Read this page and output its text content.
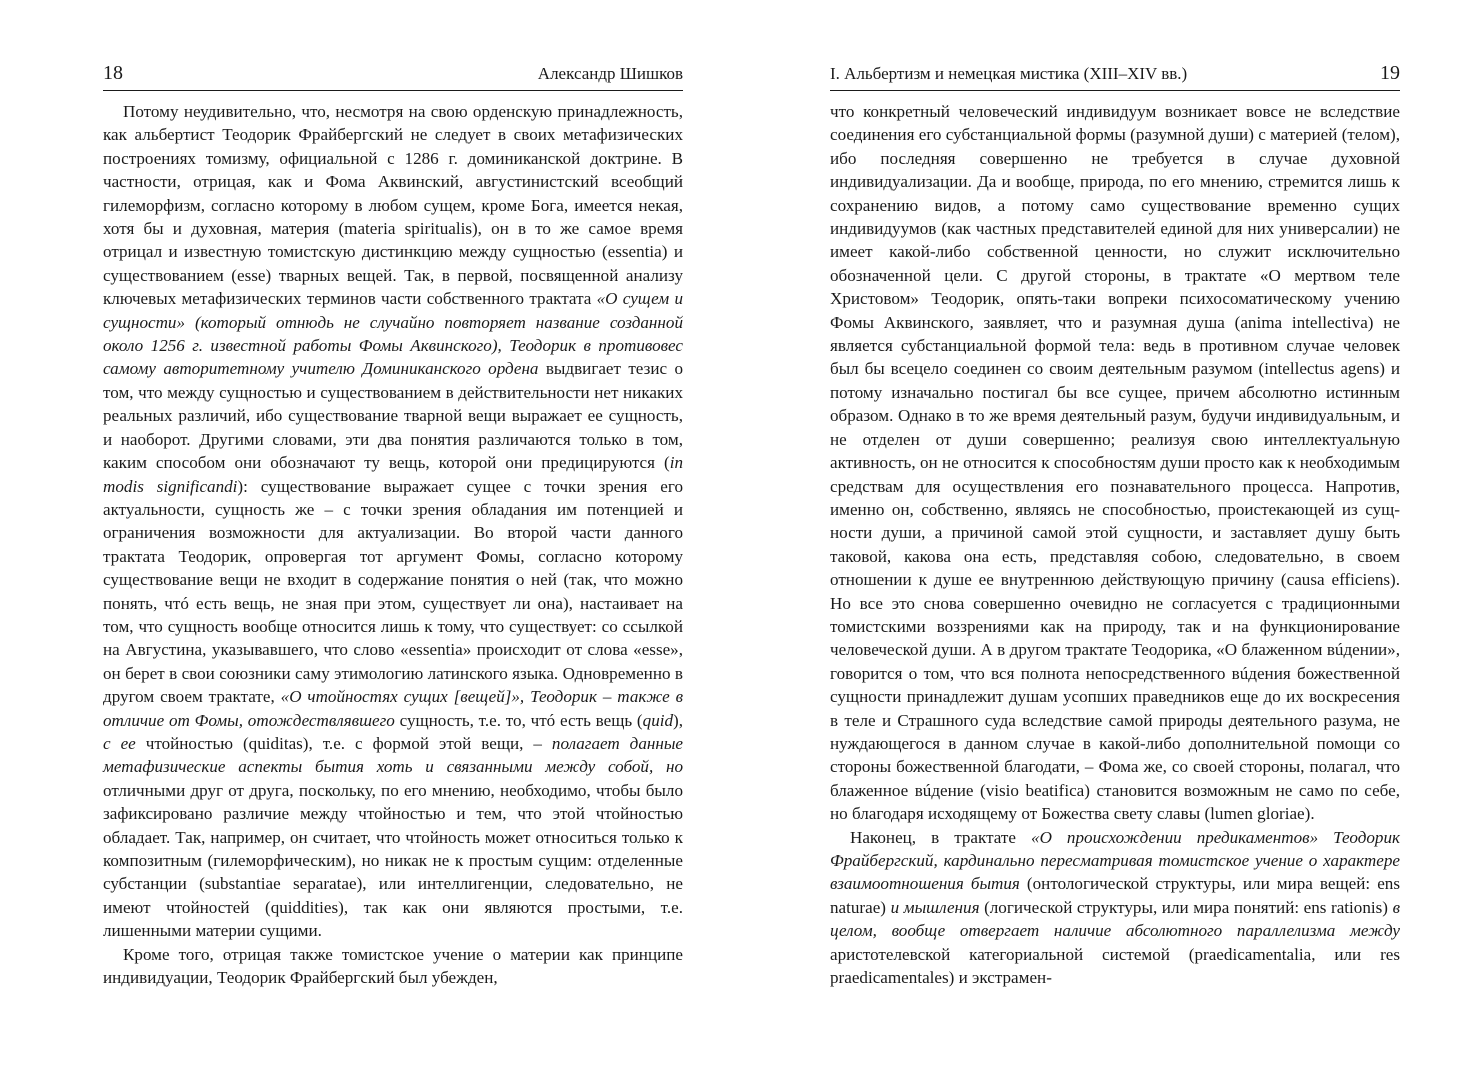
18	Александр Шишков

Потому неудивительно, что, несмотря на свою орденскую принадлежность, как альбертист Теодорик Фрайбергский не следует в своих метафизических построениях томизму, официальной с 1286 г. доминиканской доктрине. В частности, отрицая, как и Фома Аквинский, августинистский всеобщий гилеморфизм, согласно которому в любом сущем, кроме Бога, имеется некая, хотя бы и духовная, материя (materia spiritualis), он в то же самое время отрицал и известную томистскую дистинкцию между сущностью (essentia) и существованием (esse) тварных вещей. Так, в первой, посвященной анализу ключевых метафизических терминов части собственного трактата «О сущем и сущности» (который отнюдь не случайно повторяет название созданной около 1256 г. известной работы Фомы Аквинского), Теодорик в противовес самому авторитетному учителю Доминиканского ордена выдвигает тезис о том, что между сущностью и существованием в действительности нет никаких реальных различий, ибо существование тварной вещи выражает ее сущность, и наоборот. Другими словами, эти два понятия различаются только в том, каким способом они обозначают ту вещь, которой они предицируются (in modis significandi): существование выражает сущее с точки зрения его актуальности, сущность же – с точки зрения обладания им потенцией и ограничения возможности для актуализации. Во второй части данного трактата Теодорик, опровергая тот аргумент Фомы, согласно которому существование вещи не входит в содержание понятия о ней (так, что можно понять, чтó есть вещь, не зная при этом, существует ли она), настаивает на том, что сущность вообще относится лишь к тому, что существует: со ссылкой на Августина, указывавшего, что слово «essentia» происходит от слова «esse», он берет в свои союзники саму этимологию латинского языка. Одновременно в другом своем трактате, «О чтойностях сущих [вещей]», Теодорик – также в отличие от Фомы, отождествлявшего сущность, т.е. то, чтó есть вещь (quid), с ее чтойностью (quiditas), т.е. с формой этой вещи, – полагает данные метафизические аспекты бытия хоть и связанными между собой, но отличными друг от друга, поскольку, по его мнению, необходимо, чтобы было зафиксировано различие между чтойностью и тем, что этой чтойностью обладает. Так, например, он считает, что чтойность может относиться только к композитным (гилеморфическим), но никак не к простым сущим: отделенные субстанции (substantiae separatae), или интеллигенции, следовательно, не имеют чтойностей (quiddities), так как они являются простыми, т.е. лишенными материи сущими.

Кроме того, отрицая также томистское учение о материи как принципе индивидуации, Теодорик Фрайбергский был убежден,

I. Альбертизм и немецкая мистика (XIII–XIV вв.)	19

что конкретный человеческий индивидуум возникает вовсе не вследствие соединения его субстанциальной формы (разумной души) с материей (телом), ибо последняя совершенно не требуется в случае духовной индивидуализации. Да и вообще, природа, по его мнению, стремится лишь к сохранению видов, а потому само существование временно сущих индивидуумов (как частных представителей единой для них универсалии) не имеет какой-либо собственной ценности, но служит исключительно обозначенной цели. С другой стороны, в трактате «О мертвом теле Христовом» Теодорик, опять-таки вопреки психосоматическому учению Фомы Аквинского, заявляет, что и разумная душа (anima intellectiva) не является субстанциальной формой тела: ведь в противном случае человек был бы всецело соединен со своим деятельным разумом (intellectus agens) и потому изначально постигал бы все сущее, причем абсолютно истинным образом. Однако в то же время деятельный разум, будучи индивидуальным, и не отделен от души совершенно; реализуя свою интеллектуальную активность, он не относится к способностям души просто как к необходимым средствам для осуществления его познавательного процесса. Напротив, именно он, собственно, являясь не способностью, проистекающей из сущности души, а причиной самой этой сущности, и заставляет душу быть таковой, какова она есть, представляя собою, следовательно, в своем отношении к душе ее внутреннюю действующую причину (causa efficiens). Но все это снова совершенно очевидно не согласуется с традиционными томистскими воззрениями как на природу, так и на функционирование человеческой души. А в другом трактате Теодорика, «О блаженном вúдении», говорится о том, что вся полнота непосредственного вúдения божественной сущности принадлежит душам усопших праведников еще до их воскресения в теле и Страшного суда вследствие самой природы деятельного разума, не нуждающегося в данном случае в какой-либо дополнительной помощи со стороны божественной благодати, – Фома же, со своей стороны, полагал, что блаженное вúдение (visio beatifica) становится возможным не само по себе, но благодаря исходящему от Божества свету славы (lumen gloriae).

Наконец, в трактате «О происхождении предикаментов» Теодорик Фрайбергский, кардинально пересматривая томистское учение о характере взаимоотношения бытия (онтологической структуры, или мира вещей: ens naturae) и мышления (логической структуры, или мира понятий: ens rationis) в целом, вообще отвергает наличие абсолютного параллелизма между аристотелевской категориальной системой (praedicamentalia, или res praedicamentales) и экстрамен-
